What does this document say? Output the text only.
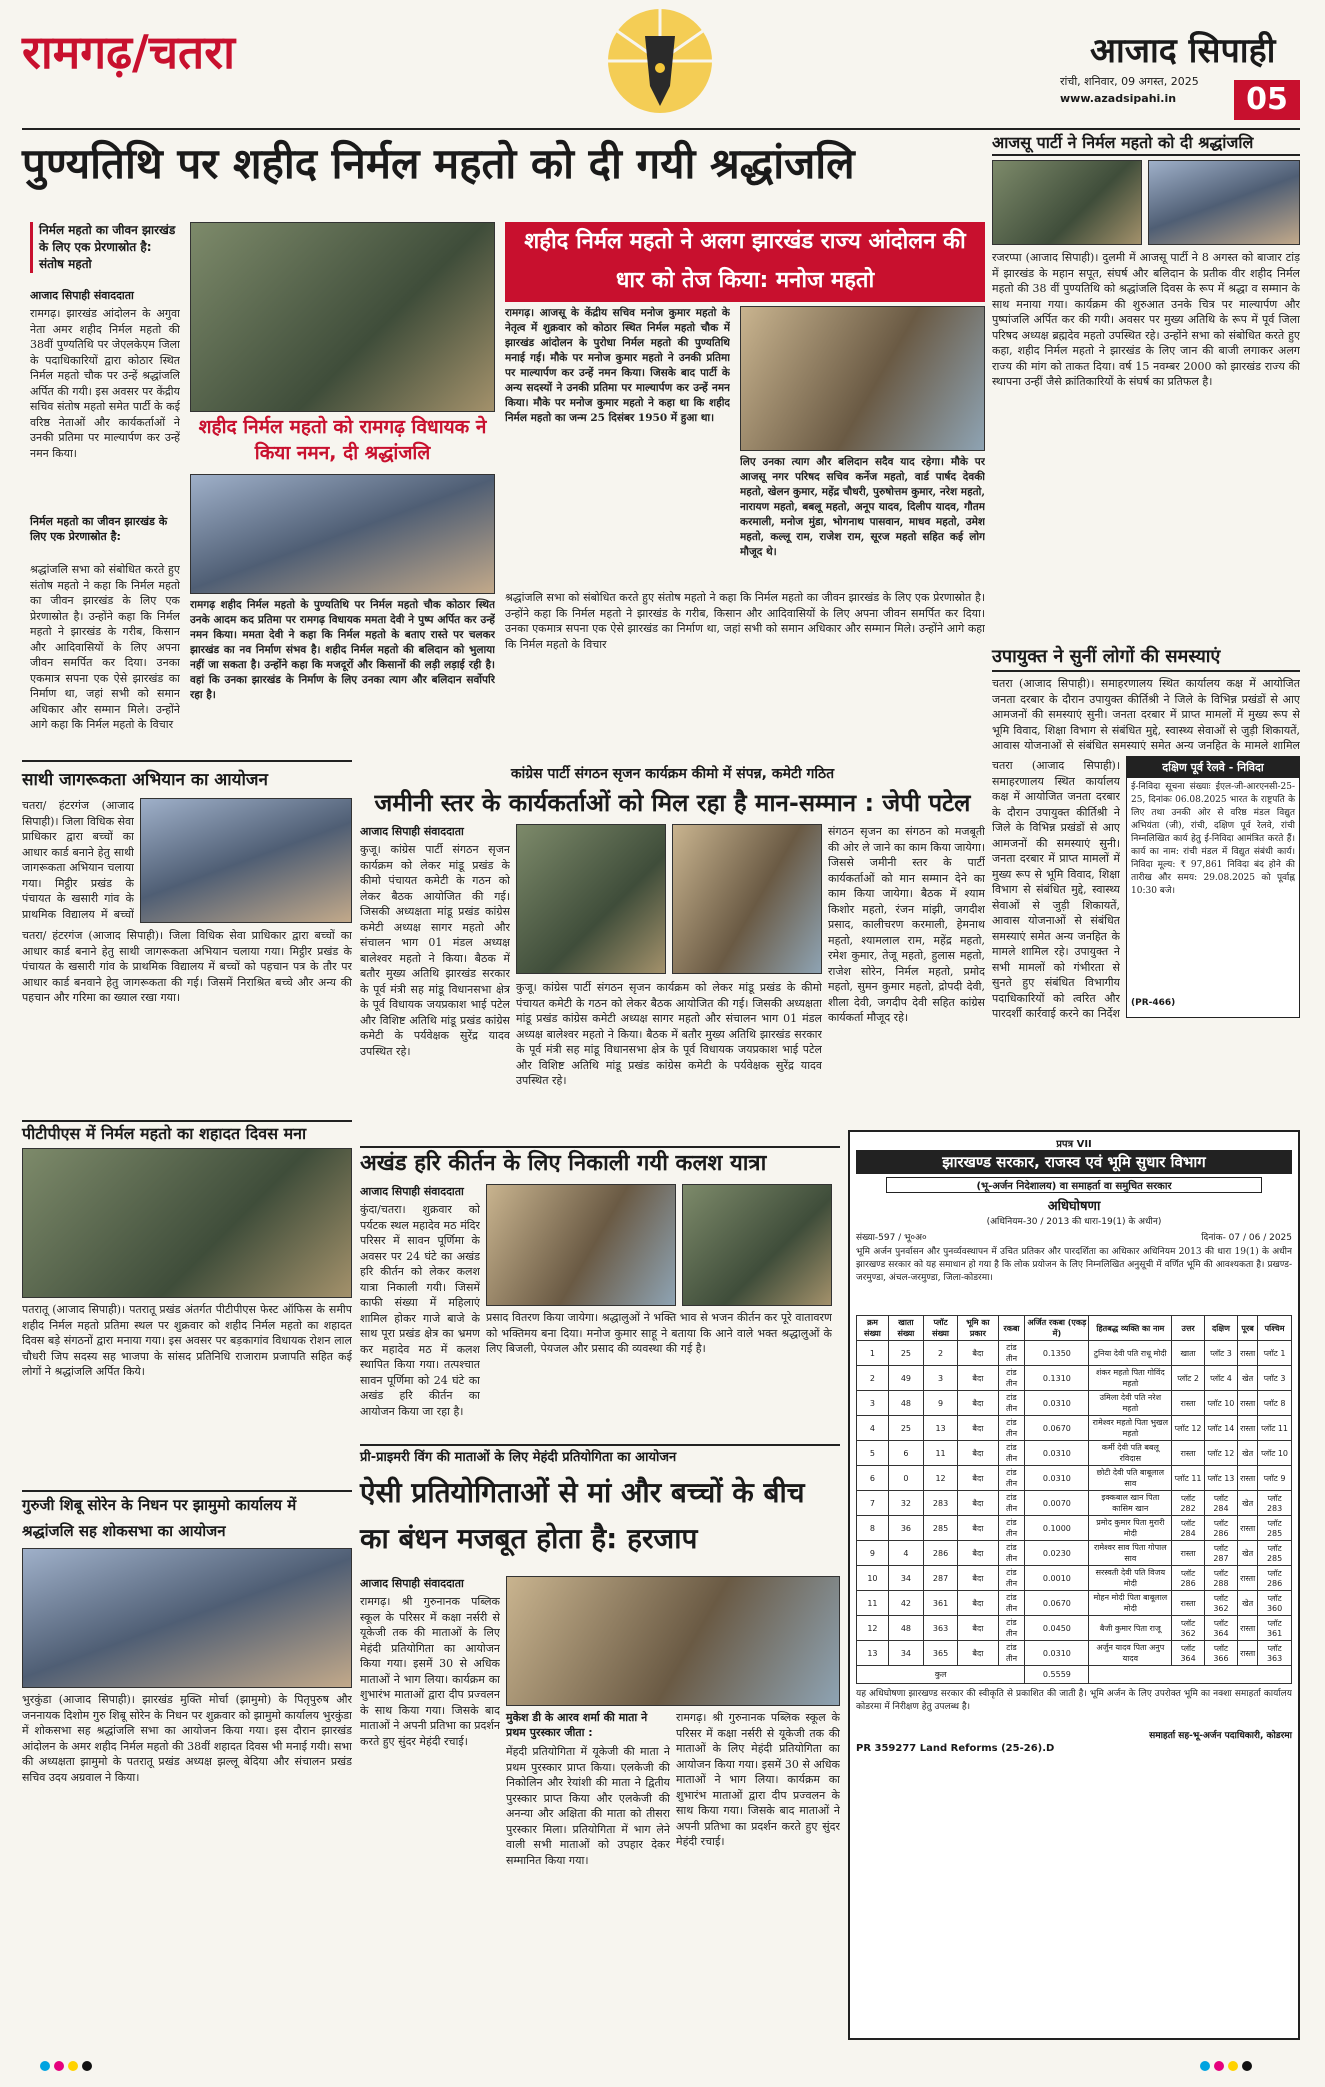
रामगढ़/चतरा	आजाद सिपाही
रांची, शनिवार, 09 अगस्त, 2025
www.azadsipahi.in	05
पुण्यतिथि पर शहीद निर्मल महतो को दी गयी श्रद्धांजलि
निर्मल महतो का जीवन झारखंड के लिए एक प्रेरणास्रोत है: संतोष महतो
आजाद सिपाही संवाददाता
रामगढ़। झारखंड आंदोलन के अगुवा नेता अमर शहीद निर्मल महतो की 38वीं पुण्यतिथि पर जेएलकेएम जिला के पदाधिकारियों द्वारा कोठार स्थित निर्मल महतो चौक पर उन्हें श्रद्धांजलि अर्पित की गयी। इस अवसर पर केंद्रीय सचिव संतोष महतो समेत पार्टी के कई वरिष्ठ नेताओं और कार्यकर्ताओं ने उनकी प्रतिमा पर माल्यार्पण कर उन्हें नमन किया।
निर्मल महतो का जीवन झारखंड के लिए एक प्रेरणास्रोत है:
श्रद्धांजलि सभा को संबोधित करते हुए संतोष महतो ने कहा कि निर्मल महतो का जीवन झारखंड के लिए एक प्रेरणास्रोत है। उन्होंने कहा कि निर्मल महतो ने झारखंड के गरीब, किसान और आदिवासियों के लिए अपना जीवन समर्पित कर दिया। उनका एकमात्र सपना एक ऐसे झारखंड का निर्माण था, जहां सभी को समान अधिकार और सम्मान मिले। उन्होंने आगे कहा कि निर्मल महतो के विचार
शहीद निर्मल महतो को रामगढ़ विधायक ने किया नमन, दी श्रद्धांजलि
रामगढ़ शहीद निर्मल महतो के पुण्यतिथि पर निर्मल महतो चौक कोठार स्थित उनके आदम कद प्रतिमा पर रामगढ़ विधायक ममता देवी ने पुष्प अर्पित कर उन्हें नमन किया। ममता देवी ने कहा कि निर्मल महतो के बताए रास्ते पर चलकर झारखंड का नव निर्माण संभव है। शहीद निर्मल महतो की बलिदान को भुलाया नहीं जा सकता है। उन्होंने कहा कि मजदूरों और किसानों की लड़ी लड़ाई रही है। वहां कि उनका झारखंड के निर्माण के लिए उनका त्याग और बलिदान सर्वोपरि रहा है।
शहीद निर्मल महतो ने अलग झारखंड राज्य आंदोलन की धार को तेज किया: मनोज महतो
रामगढ़। आजसू के केंद्रीय सचिव मनोज कुमार महतो के नेतृत्व में शुक्रवार को कोठार स्थित निर्मल महतो चौक में झारखंड आंदोलन के पुरोधा निर्मल महतो की पुण्यतिथि मनाई गई। मौके पर मनोज कुमार महतो ने उनकी प्रतिमा पर माल्यार्पण कर उन्हें नमन किया। जिसके बाद पार्टी के अन्य सदस्यों ने उनकी प्रतिमा पर माल्यार्पण कर उन्हें नमन किया। मौके पर मनोज कुमार महतो ने कहा था कि शहीद निर्मल महतो का जन्म 25 दिसंबर 1950 में हुआ था।
लिए उनका त्याग और बलिदान सदैव याद रहेगा। मौके पर आजसू नगर परिषद सचिव कर्नेज महतो, वार्ड पार्षद देवकी महतो, खेलन कुमार, महेंद्र चौधरी, पुरुषोत्तम कुमार, नरेश महतो, नारायण महतो, बबलू महतो, अनूप यादव, दिलीप यादव, गौतम करमाली, मनोज मुंडा, भोगनाथ पासवान, माधव महतो, उमेश महतो, कल्लू राम, राजेश राम, सूरज महतो सहित कई लोग मौजूद थे।
श्रद्धांजलि सभा को संबोधित करते हुए संतोष महतो ने कहा कि निर्मल महतो का जीवन झारखंड के लिए एक प्रेरणास्रोत है। उन्होंने कहा कि निर्मल महतो ने झारखंड के गरीब, किसान और आदिवासियों के लिए अपना जीवन समर्पित कर दिया। उनका एकमात्र सपना एक ऐसे झारखंड का निर्माण था, जहां सभी को समान अधिकार और सम्मान मिले। उन्होंने आगे कहा कि निर्मल महतो के विचार
आजसू पार्टी ने निर्मल महतो को दी श्रद्धांजलि
रजरप्पा (आजाद सिपाही)। दुलमी में आजसू पार्टी ने 8 अगस्त को बाजार टांड़ में झारखंड के महान सपूत, संघर्ष और बलिदान के प्रतीक वीर शहीद निर्मल महतो की 38 वीं पुण्यतिथि को श्रद्धांजलि दिवस के रूप में श्रद्धा व सम्मान के साथ मनाया गया। कार्यक्रम की शुरुआत उनके चित्र पर माल्यार्पण और पुष्पांजलि अर्पित कर की गयी। अवसर पर मुख्य अतिथि के रूप में पूर्व जिला परिषद अध्यक्ष ब्रह्मदेव महतो उपस्थित रहे। उन्होंने सभा को संबोधित करते हुए कहा, शहीद निर्मल महतो ने झारखंड के लिए जान की बाजी लगाकर अलग राज्य की मांग को ताकत दिया। वर्ष 15 नवम्बर 2000 को झारखंड राज्य की स्थापना उन्हीं जैसे क्रांतिकारियों के संघर्ष का प्रतिफल है।
उपायुक्त ने सुनीं लोगों की समस्याएं
चतरा (आजाद सिपाही)। समाहरणालय स्थित कार्यालय कक्ष में आयोजित जनता दरबार के दौरान उपायुक्त कीर्तिश्री ने जिले के विभिन्न प्रखंडों से आए आमजनों की समस्याएं सुनी। जनता दरबार में प्राप्त मामलों में मुख्य रूप से भूमि विवाद, शिक्षा विभाग से संबंधित मुद्दे, स्वास्थ्य सेवाओं से जुड़ी शिकायतें, आवास योजनाओं से संबंधित समस्याएं समेत अन्य जनहित के मामले शामिल
चतरा (आजाद सिपाही)। समाहरणालय स्थित कार्यालय कक्ष में आयोजित जनता दरबार के दौरान उपायुक्त कीर्तिश्री ने जिले के विभिन्न प्रखंडों से आए आमजनों की समस्याएं सुनी। जनता दरबार में प्राप्त मामलों में मुख्य रूप से भूमि विवाद, शिक्षा विभाग से संबंधित मुद्दे, स्वास्थ्य सेवाओं से जुड़ी शिकायतें, आवास योजनाओं से संबंधित समस्याएं समेत अन्य जनहित के मामले शामिल रहे। उपायुक्त ने सभी मामलों को गंभीरता से सुनते हुए संबंधित विभागीय पदाधिकारियों को त्वरित और पारदर्शी कार्रवाई करने का निर्देश
दक्षिण पूर्व रेलवे - निविदा
ई-निविदा सूचना संख्याः ईएल-जी-आरएनसी-25-25, दिनांकः 06.08.2025 भारत के राष्ट्रपति के लिए तथा उनकी ओर से वरिष्ठ मंडल विद्युत अभियंता (जी), रांची, दक्षिण पूर्व रेलवे, रांची निम्नलिखित कार्य हेतु ई-निविदा आमंत्रित करते हैं। कार्य का नाम: रांची मंडल में विद्युत संबंधी कार्य। निविदा मूल्य: ₹ 97,861 निविदा बंद होने की तारीख और समय: 29.08.2025 को पूर्वाह्न 10:30 बजे।
(PR-466)
साथी जागरूकता अभियान का आयोजन
चतरा/ हंटरगंज (आजाद सिपाही)। जिला विधिक सेवा प्राधिकार द्वारा बच्चों का आधार कार्ड बनाने हेतु साथी जागरूकता अभियान चलाया गया। मिट्ठीर प्रखंड के पंचायत के खसारी गांव के प्राथमिक विद्यालय में बच्चों
चतरा/ हंटरगंज (आजाद सिपाही)। जिला विधिक सेवा प्राधिकार द्वारा बच्चों का आधार कार्ड बनाने हेतु साथी जागरूकता अभियान चलाया गया। मिट्ठीर प्रखंड के पंचायत के खसारी गांव के प्राथमिक विद्यालय में बच्चों को पहचान पत्र के तौर पर आधार कार्ड बनवाने हेतु जागरूकता की गई। जिसमें निराश्रित बच्चे और अन्य की पहचान और गरिमा का ख्याल रखा गया।
कांग्रेस पार्टी संगठन सृजन कार्यक्रम कीमो में संपन्न, कमेटी गठित
जमीनी स्तर के कार्यकर्ताओं को मिल रहा है मान-सम्मान : जेपी पटेल
आजाद सिपाही संवाददाता
कुजू। कांग्रेस पार्टी संगठन सृजन कार्यक्रम को लेकर मांडू प्रखंड के कीमो पंचायत कमेटी के गठन को लेकर बैठक आयोजित की गई। जिसकी अध्यक्षता मांडू प्रखंड कांग्रेस कमेटी अध्यक्ष सागर महतो और संचालन भाग 01 मंडल अध्यक्ष बालेश्वर महतो ने किया। बैठक में बतौर मुख्य अतिथि झारखंड सरकार के पूर्व मंत्री सह मांडू विधानसभा क्षेत्र के पूर्व विधायक जयप्रकाश भाई पटेल और विशिष्ट अतिथि मांडू प्रखंड कांग्रेस कमेटी के पर्यवेक्षक सुरेंद्र यादव उपस्थित रहे।
संगठन सृजन का संगठन को मजबूती की ओर ले जाने का काम किया जायेगा। जिससे जमीनी स्तर के पार्टी कार्यकर्ताओं को मान सम्मान देने का काम किया जायेगा। बैठक में श्याम किशोर महतो, रंजन मांझी, जगदीश प्रसाद, कालीचरण करमाली, हेमनाथ महतो, श्यामलाल राम, महेंद्र महतो, रमेश कुमार, तेजू महतो, हुलास महतो, राजेश सोरेन, निर्मल महतो, प्रमोद महतो, सुमन कुमार महतो, द्रोपदी देवी, शीला देवी, जगदीप देवी सहित कांग्रेस कार्यकर्ता मौजूद रहे।
कुजू। कांग्रेस पार्टी संगठन सृजन कार्यक्रम को लेकर मांडू प्रखंड के कीमो पंचायत कमेटी के गठन को लेकर बैठक आयोजित की गई। जिसकी अध्यक्षता मांडू प्रखंड कांग्रेस कमेटी अध्यक्ष सागर महतो और संचालन भाग 01 मंडल अध्यक्ष बालेश्वर महतो ने किया। बैठक में बतौर मुख्य अतिथि झारखंड सरकार के पूर्व मंत्री सह मांडू विधानसभा क्षेत्र के पूर्व विधायक जयप्रकाश भाई पटेल और विशिष्ट अतिथि मांडू प्रखंड कांग्रेस कमेटी के पर्यवेक्षक सुरेंद्र यादव उपस्थित रहे।
पीटीपीएस में निर्मल महतो का शहादत दिवस मना
पतरातू (आजाद सिपाही)। पतरातू प्रखंड अंतर्गत पीटीपीएस फेस्ट ऑफिस के समीप शहीद निर्मल महतो प्रतिमा स्थल पर शुक्रवार को शहीद निर्मल महतो का शहादत दिवस बड़े संगठनों द्वारा मनाया गया। इस अवसर पर बड़कागांव विधायक रोशन लाल चौधरी जिप सदस्य सह भाजपा के सांसद प्रतिनिधि राजाराम प्रजापति सहित कई लोगों ने श्रद्धांजलि अर्पित किये।
अखंड हरि कीर्तन के लिए निकाली गयी कलश यात्रा
आजाद सिपाही संवाददाता
कुंदा/चतरा। शुक्रवार को पर्यटक स्थल महादेव मठ मंदिर परिसर में सावन पूर्णिमा के अवसर पर 24 घंटे का अखंड हरि कीर्तन को लेकर कलश यात्रा निकाली गयी। जिसमें काफी संख्या में महिलाएं शामिल होकर गाजे बाजे के साथ पूरा प्रखंड क्षेत्र का भ्रमण कर महादेव मठ में कलश स्थापित किया गया। तत्पश्चात सावन पूर्णिमा को 24 घंटे का अखंड हरि कीर्तन का आयोजन किया जा रहा है।
प्रसाद वितरण किया जायेगा। श्रद्धालुओं ने भक्ति भाव से भजन कीर्तन कर पूरे वातावरण को भक्तिमय बना दिया। मनोज कुमार साहू ने बताया कि आने वाले भक्त श्रद्धालुओं के लिए बिजली, पेयजल और प्रसाद की व्यवस्था की गई है।
गुरुजी शिबू सोरेन के निधन पर झामुमो कार्यालय में श्रद्धांजलि सह शोकसभा का आयोजन
भुरकुंडा (आजाद सिपाही)। झारखंड मुक्ति मोर्चा (झामुमो) के पितृपुरुष और जननायक दिशोम गुरु शिबू सोरेन के निधन पर शुक्रवार को झामुमो कार्यालय भुरकुंडा में शोकसभा सह श्रद्धांजलि सभा का आयोजन किया गया। इस दौरान झारखंड आंदोलन के अमर शहीद निर्मल महतो की 38वीं शहादत दिवस भी मनाई गयी। सभा की अध्यक्षता झामुमो के पतरातू प्रखंड अध्यक्ष झल्लू बेदिया और संचालन प्रखंड सचिव उदय अग्रवाल ने किया।
प्री-प्राइमरी विंग की माताओं के लिए मेहंदी प्रतियोगिता का आयोजन
ऐसी प्रतियोगिताओं से मां और बच्चों के बीच का बंधन मजबूत होता है: हरजाप
आजाद सिपाही संवाददाता
रामगढ़। श्री गुरुनानक पब्लिक स्कूल के परिसर में कक्षा नर्सरी से यूकेजी तक की माताओं के लिए मेहंदी प्रतियोगिता का आयोजन किया गया। इसमें 30 से अधिक माताओं ने भाग लिया। कार्यक्रम का शुभारंभ माताओं द्वारा दीप प्रज्वलन के साथ किया गया। जिसके बाद माताओं ने अपनी प्रतिभा का प्रदर्शन करते हुए सुंदर मेहंदी रचाई।
मुकेश डी के आरव शर्मा की माता ने प्रथम पुरस्कार जीता :
मेंहदी प्रतियोगिता में यूकेजी की माता ने प्रथम पुरस्कार प्राप्त किया। एलकेजी की निकोलिन और रेयांशी की माता ने द्वितीय पुरस्कार प्राप्त किया और एलकेजी की अनन्या और अक्षिता की माता को तीसरा पुरस्कार मिला। प्रतियोगिता में भाग लेने वाली सभी माताओं को उपहार देकर सम्मानित किया गया।
रामगढ़। श्री गुरुनानक पब्लिक स्कूल के परिसर में कक्षा नर्सरी से यूकेजी तक की माताओं के लिए मेहंदी प्रतियोगिता का आयोजन किया गया। इसमें 30 से अधिक माताओं ने भाग लिया। कार्यक्रम का शुभारंभ माताओं द्वारा दीप प्रज्वलन के साथ किया गया। जिसके बाद माताओं ने अपनी प्रतिभा का प्रदर्शन करते हुए सुंदर मेहंदी रचाई।
प्रपत्र VII
झारखण्ड सरकार, राजस्व एवं भूमि सुधार विभाग
(भू-अर्जन निदेशालय) वा समाहर्ता वा समुचित सरकार
अधिघोषणा
(अधिनियम-30 / 2013 की धारा-19(1) के अधीन)
संख्या-597 / भू०अ०	दिनांक- 07 / 06 / 2025
भूमि अर्जन पुनर्वासन और पुनर्व्यवस्थापन में उचित प्रतिकर और पारदर्शिता का अधिकार अधिनियम 2013 की धारा 19(1) के अधीन झारखण्ड सरकार को यह समाधान हो गया है कि लोक प्रयोजन के लिए निम्नलिखित अनुसूची में वर्णित भूमि की आवश्यकता है। प्रखण्ड-जरमुण्डा, अंचल-जरमुण्डा, जिला-कोडरमा।
क्रम संख्या	खाता संख्या	प्लॉट संख्या	भूमि का प्रकार	रकबा	अर्जित रकबा (एकड़ में)	हितबद्ध व्यक्ति का नाम	उत्तर	दक्षिण	पूरब	पश्चिम
1	25	2	बैदा	टांड तीन	0.1350	टुनिया देवी पति राधू मोदी	खाता	प्लॉट 3	रास्ता	प्लॉट 1
2	49	3	बैदा	टांड तीन	0.1310	शंकर महतो पिता गोविंद महतो	प्लॉट 2	प्लॉट 4	खेत	प्लॉट 3
3	48	9	बैदा	टांड तीन	0.0310	उमिला देवी पति नरेश महतो	रास्ता	प्लॉट 10	रास्ता	प्लॉट 8
4	25	13	बैदा	टांड तीन	0.0670	रामेश्वर महतो पिता भुखल महतो	प्लॉट 12	प्लॉट 14	रास्ता	प्लॉट 11
5	6	11	बैदा	टांड तीन	0.0310	कर्मी देवी पति बबलू रविदास	रास्ता	प्लॉट 12	खेत	प्लॉट 10
6	0	12	बैदा	टांड तीन	0.0310	छोटी देवी पति बाबूलाल साव	प्लॉट 11	प्लॉट 13	रास्ता	प्लॉट 9
7	32	283	बैदा	टांड तीन	0.0070	इक्कबाल खान पिता कासिम खान	प्लॉट 282	प्लॉट 284	खेत	प्लॉट 283
8	36	285	बैदा	टांड तीन	0.1000	प्रमोद कुमार पिता मुरारी मोदी	प्लॉट 284	प्लॉट 286	रास्ता	प्लॉट 285
9	4	286	बैदा	टांड तीन	0.0230	रामेश्वर साव पिता गोपाल साव	रास्ता	प्लॉट 287	खेत	प्लॉट 285
10	34	287	बैदा	टांड तीन	0.0010	सरस्वती देवी पति विजय मोदी	प्लॉट 286	प्लॉट 288	रास्ता	प्लॉट 286
11	42	361	बैदा	टांड तीन	0.0670	मोहन मोदी पिता बाबूलाल मोदी	रास्ता	प्लॉट 362	खेत	प्लॉट 360
12	48	363	बैदा	टांड तीन	0.0450	बैजी कुमार पिता राजू	प्लॉट 362	प्लॉट 364	रास्ता	प्लॉट 361
13	34	365	बैदा	टांड तीन	0.0310	अर्जुन यादव पिता अनुप यादव	प्लॉट 364	प्लॉट 366	रास्ता	प्लॉट 363
कुल					0.5559					
यह अधिघोषणा झारखण्ड सरकार की स्वीकृति से प्रकाशित की जाती है। भूमि अर्जन के लिए उपरोक्त भूमि का नक्शा समाहर्ता कार्यालय कोडरमा में निरीक्षण हेतु उपलब्ध है।
समाहर्ता सह-भू-अर्जन पदाधिकारी, कोडरमा
PR 359277 Land Reforms (25-26).D
